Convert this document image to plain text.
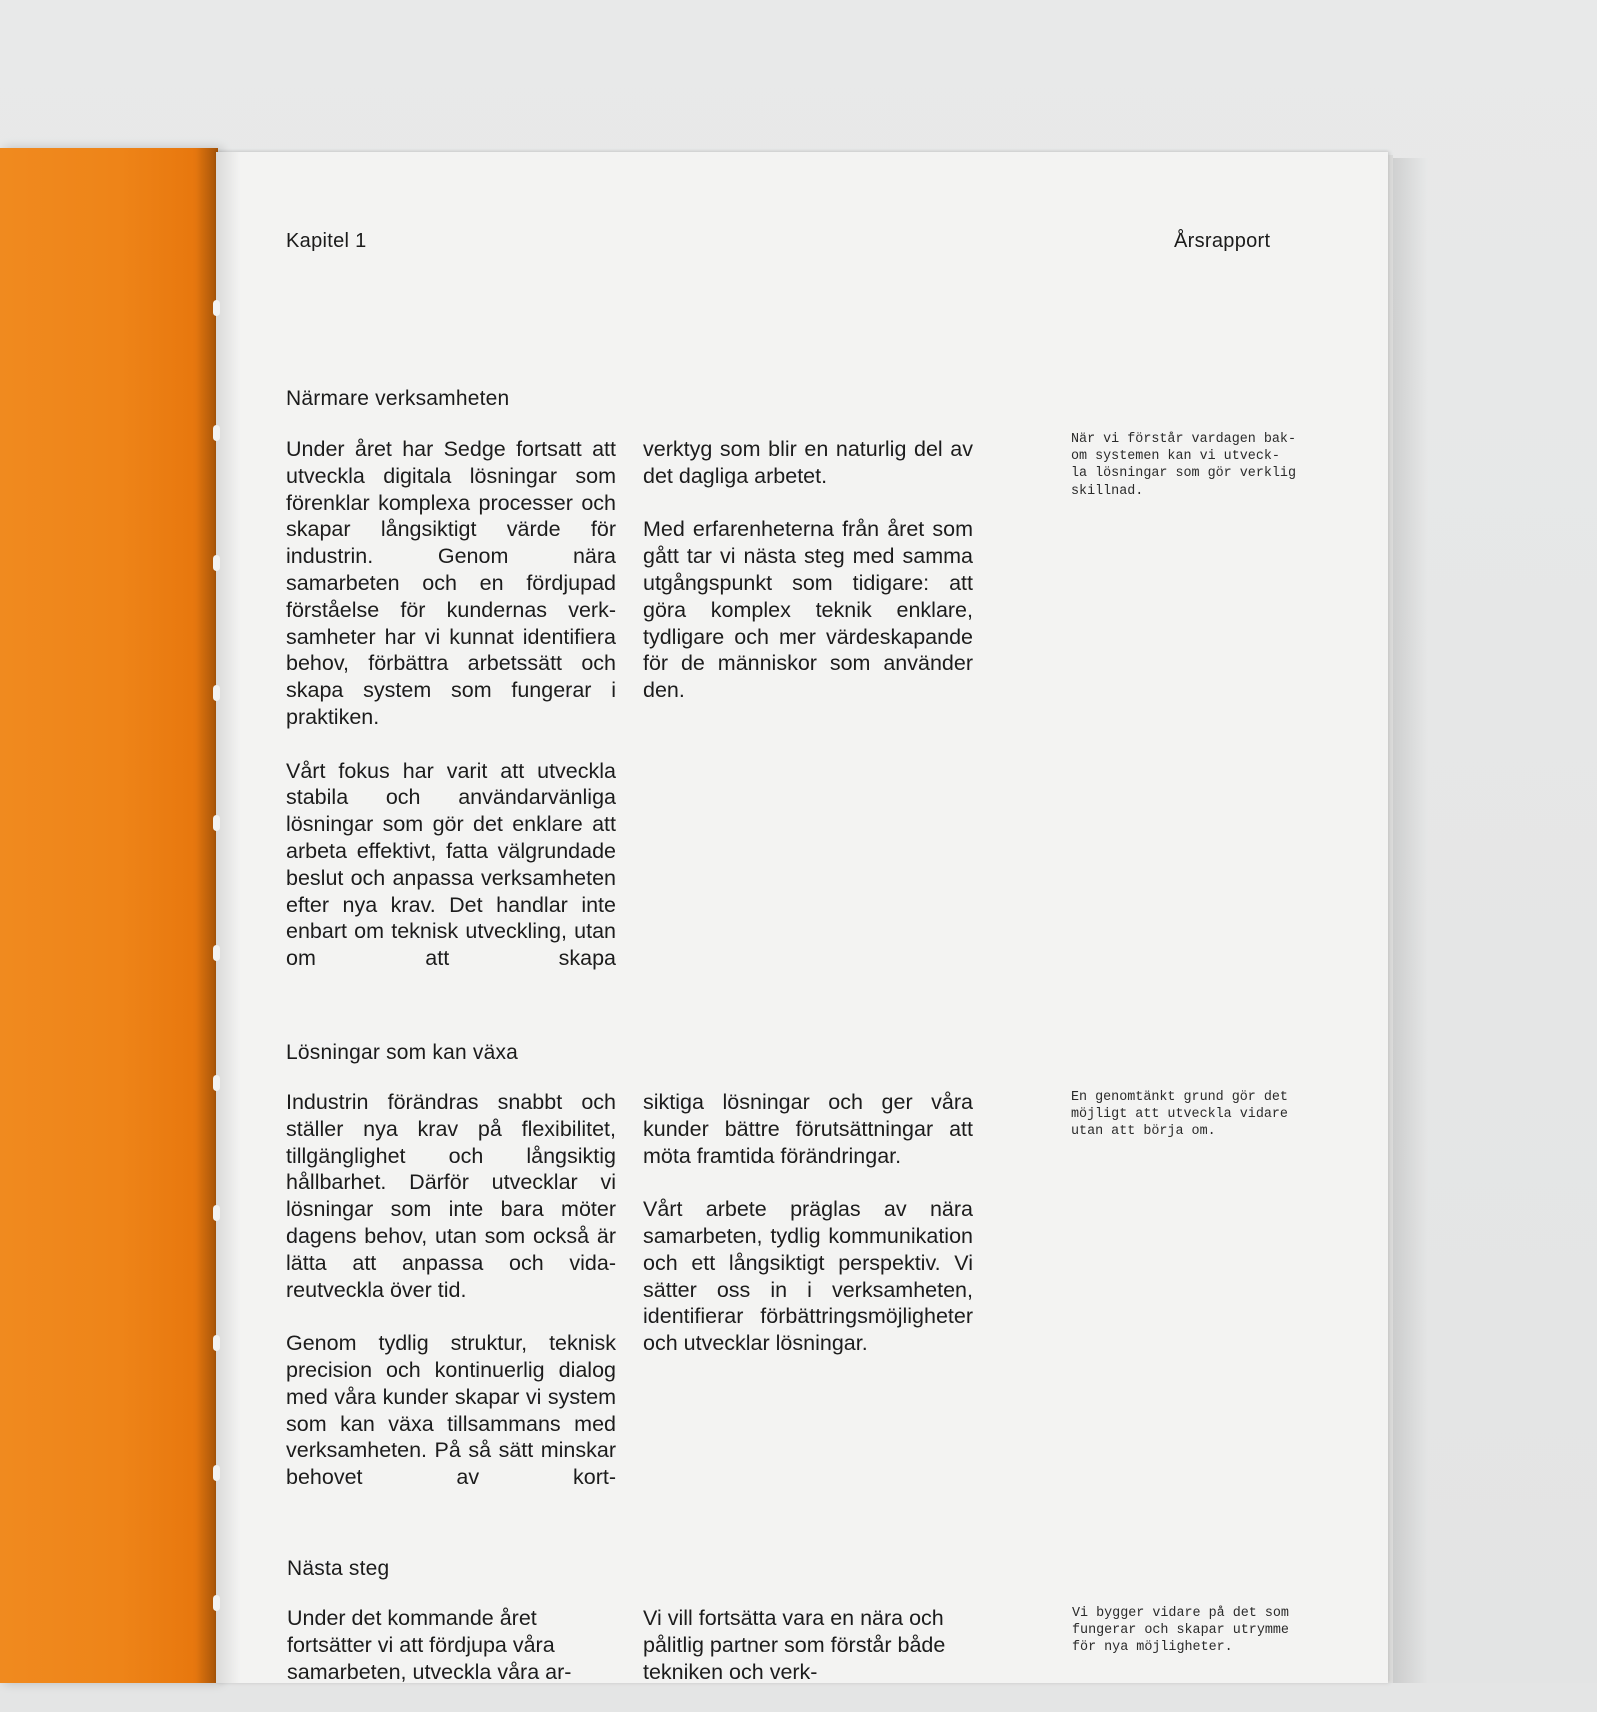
Kapitel 1	Årsrapport
Närmare verksamheten

Under året har Sedge fortsatt att utveckla digitala lösningar som förenklar komplexa processer och skapar långsiktigt värde för industrin. Genom nära samarbeten och en fördjupad förståelse för kundernas verksamheter har vi kunnat identifiera behov, förbättra arbetssätt och skapa system som fungerar i praktiken.

Vårt fokus har varit att utveckla stabila och användarvänliga lösningar som gör det enklare att arbeta effektivt, fatta välgrundade beslut och anpassa verksamheten efter nya krav. Det handlar inte enbart om teknisk utveckling, utan om att skapa

verktyg som blir en naturlig del av det dagliga arbetet.

Med erfarenheterna från året som gått tar vi nästa steg med samma utgångspunkt som tidigare: att göra komplex teknik enklare, tydligare och mer värdeskapande för de människor som använder den.

När vi förstår vardagen bak-
om systemen kan vi utveck-
la lösningar som gör verklig
skillnad.
Lösningar som kan växa

Industrin förändras snabbt och ställer nya krav på flexibilitet, tillgänglighet och långsiktig hållbarhet. Därför utvecklar vi lösningar som inte bara möter dagens behov, utan som också är lätta att anpassa och vidareutveckla över tid.

Genom tydlig struktur, teknisk precision och kontinuerlig dialog med våra kunder skapar vi system som kan växa tillsammans med verksamheten. På så sätt minskar behovet av kort-

siktiga lösningar och ger våra kunder bättre förutsättningar att möta framtida förändringar.

Vårt arbete präglas av nära samarbeten, tydlig kommunikation och ett långsiktigt perspektiv. Vi sätter oss in i verksamheten, identifierar förbättringsmöjligheter och utvecklar lösningar.

En genomtänkt grund gör det
möjligt att utveckla vidare
utan att börja om.
Nästa steg

Under det kommande året fortsätter vi att fördjupa våra samarbeten, utveckla våra ar-

Vi vill fortsätta vara en nära och pålitlig partner som förstår både tekniken och verk-

Vi bygger vidare på det som
fungerar och skapar utrymme
för nya möjligheter.
